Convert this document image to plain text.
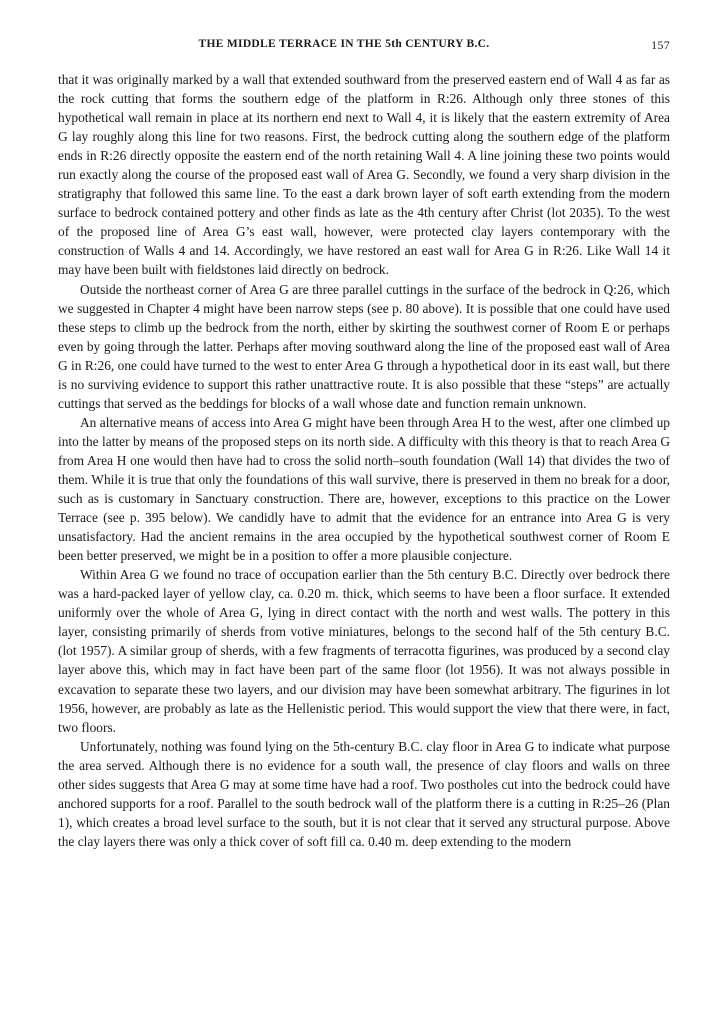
THE MIDDLE TERRACE IN THE 5th CENTURY B.C.	157

that it was originally marked by a wall that extended southward from the preserved eastern end of Wall 4 as far as the rock cutting that forms the southern edge of the platform in R:26. Although only three stones of this hypothetical wall remain in place at its northern end next to Wall 4, it is likely that the eastern extremity of Area G lay roughly along this line for two reasons. First, the bedrock cutting along the southern edge of the platform ends in R:26 directly opposite the eastern end of the north retaining Wall 4. A line joining these two points would run exactly along the course of the proposed east wall of Area G. Secondly, we found a very sharp division in the stratigraphy that followed this same line. To the east a dark brown layer of soft earth extending from the modern surface to bedrock contained pottery and other finds as late as the 4th century after Christ (lot 2035). To the west of the proposed line of Area G’s east wall, however, were protected clay layers contemporary with the construction of Walls 4 and 14. Accordingly, we have restored an east wall for Area G in R:26. Like Wall 14 it may have been built with fieldstones laid directly on bedrock.

Outside the northeast corner of Area G are three parallel cuttings in the surface of the bedrock in Q:26, which we suggested in Chapter 4 might have been narrow steps (see p. 80 above). It is possible that one could have used these steps to climb up the bedrock from the north, either by skirting the southwest corner of Room E or perhaps even by going through the latter. Perhaps after moving southward along the line of the proposed east wall of Area G in R:26, one could have turned to the west to enter Area G through a hypothetical door in its east wall, but there is no surviving evidence to support this rather unattractive route. It is also possible that these “steps” are actually cuttings that served as the beddings for blocks of a wall whose date and function remain unknown.

An alternative means of access into Area G might have been through Area H to the west, after one climbed up into the latter by means of the proposed steps on its north side. A difficulty with this theory is that to reach Area G from Area H one would then have had to cross the solid north–south foundation (Wall 14) that divides the two of them. While it is true that only the foundations of this wall survive, there is preserved in them no break for a door, such as is customary in Sanctuary construction. There are, however, exceptions to this practice on the Lower Terrace (see p. 395 below). We candidly have to admit that the evidence for an entrance into Area G is very unsatisfactory. Had the ancient remains in the area occupied by the hypothetical southwest corner of Room E been better preserved, we might be in a position to offer a more plausible conjecture.

Within Area G we found no trace of occupation earlier than the 5th century B.C. Directly over bedrock there was a hard-packed layer of yellow clay, ca. 0.20 m. thick, which seems to have been a floor surface. It extended uniformly over the whole of Area G, lying in direct contact with the north and west walls. The pottery in this layer, consisting primarily of sherds from votive miniatures, belongs to the second half of the 5th century B.C. (lot 1957). A similar group of sherds, with a few fragments of terracotta figurines, was produced by a second clay layer above this, which may in fact have been part of the same floor (lot 1956). It was not always possible in excavation to separate these two layers, and our division may have been somewhat arbitrary. The figurines in lot 1956, however, are probably as late as the Hellenistic period. This would support the view that there were, in fact, two floors.

Unfortunately, nothing was found lying on the 5th-century B.C. clay floor in Area G to indicate what purpose the area served. Although there is no evidence for a south wall, the presence of clay floors and walls on three other sides suggests that Area G may at some time have had a roof. Two postholes cut into the bedrock could have anchored supports for a roof. Parallel to the south bedrock wall of the platform there is a cutting in R:25–26 (Plan 1), which creates a broad level surface to the south, but it is not clear that it served any structural purpose. Above the clay layers there was only a thick cover of soft fill ca. 0.40 m. deep extending to the modern
